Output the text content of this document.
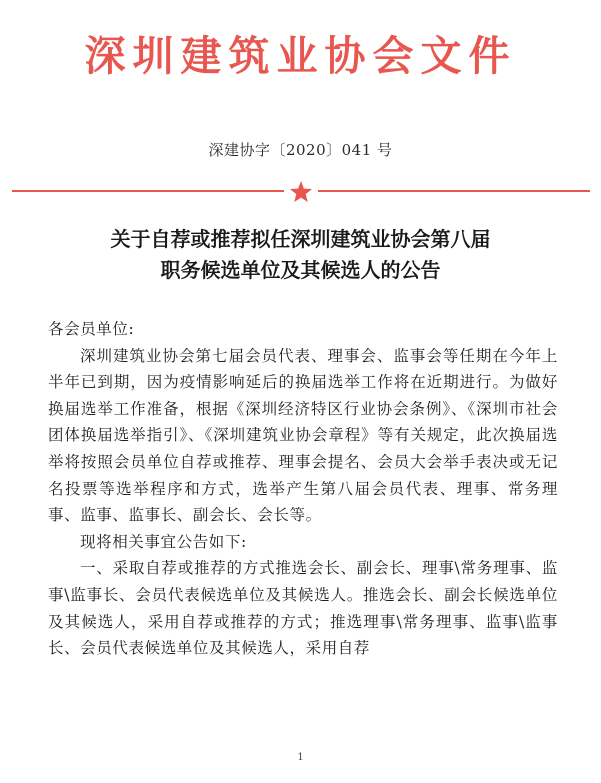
深圳建筑业协会文件
深建协字〔2020〕041 号
关于自荐或推荐拟任深圳建筑业协会第八届
职务候选单位及其候选人的公告

各会员单位:

深圳建筑业协会第七届会员代表、理事会、监事会等任期在今年上半年已到期，因为疫情影响延后的换届选举工作将在近期进行。为做好换届选举工作准备，根据《深圳经济特区行业协会条例》、《深圳市社会团体换届选举指引》、《深圳建筑业协会章程》等有关规定，此次换届选举将按照会员单位自荐或推荐、理事会提名、会员大会举手表决或无记名投票等选举程序和方式，选举产生第八届会员代表、理事、常务理事、监事、监事长、副会长、会长等。

现将相关事宜公告如下:

一、采取自荐或推荐的方式推选会长、副会长、理事\常务理事、监事\监事长、会员代表候选单位及其候选人。推选会长、副会长候选单位及其候选人，采用自荐或推荐的方式；推选理事\常务理事、监事\监事长、会员代表候选单位及其候选人，采用自荐

1
